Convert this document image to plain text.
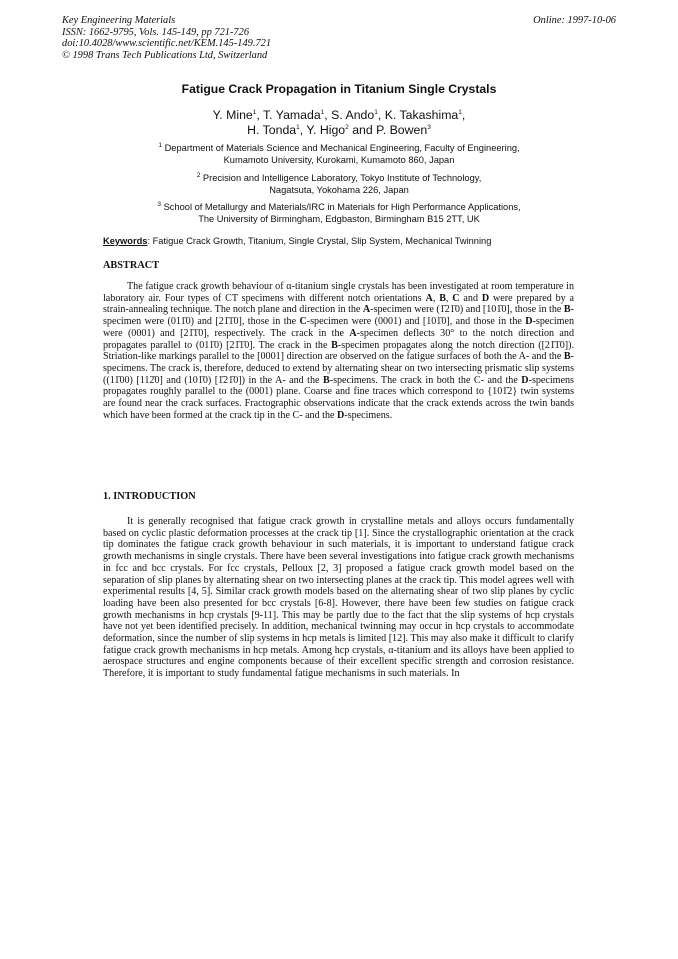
Key Engineering Materials
ISSN: 1662-9795, Vols. 145-149, pp 721-726
doi:10.4028/www.scientific.net/KEM.145-149.721
© 1998 Trans Tech Publications Ltd, Switzerland
Online: 1997-10-06
Fatigue Crack Propagation in Titanium Single Crystals
Y. Mine$^1$, T. Yamada$^1$, S. Ando$^1$, K. Takashima$^1$,
H. Tonda$^1$, Y. Higo$^2$ and P. Bowen$^3$
$^1$ Department of Materials Science and Mechanical Engineering, Faculty of Engineering,
Kumamoto University, Kurokami, Kumamoto 860, Japan
$^2$ Precision and Intelligence Laboratory, Tokyo Institute of Technology,
Nagatsuta, Yokohama 226, Japan
$^3$ School of Metallurgy and Materials/IRC in Materials for High Performance Applications,
The University of Birmingham, Edgbaston, Birmingham B15 2TT, UK
Keywords: Fatigue Crack Growth, Titanium, Single Crystal, Slip System, Mechanical Twinning
ABSTRACT

The fatigue crack growth behaviour of α-titanium single crystals has been investigated at room temperature in laboratory air. Four types of CT specimens with different notch orientations A, B, C and D were prepared by a strain-annealing technique. The notch plane and direction in the A-specimen were (1̄21̄0) and [101̄0], those in the B-specimen were (011̄0) and [21̄1̄0], those in the C-specimen were (0001) and [101̄0], and those in the D-specimen were (0001) and [21̄1̄0], respectively. The crack in the A-specimen deflects 30° to the notch direction and propagates parallel to (011̄0) [21̄1̄0]. The crack in the B-specimen propagates along the notch direction ([21̄1̄0]). Striation-like markings parallel to the [0001] direction are observed on the fatigue surfaces of both the A- and the B-specimens. The crack is, therefore, deduced to extend by alternating shear on two intersecting prismatic slip systems ((11̄00) [112̄0] and (101̄0) [1̄21̄0]) in the A- and the B-specimens. The crack in both the C- and the D-specimens propagates roughly parallel to the (0001) plane. Coarse and fine traces which correspond to {101̄2} twin systems are found near the crack surfaces. Fractographic observations indicate that the crack extends across the twin bands which have been formed at the crack tip in the C- and the D-specimens.

1. INTRODUCTION

It is generally recognised that fatigue crack growth in crystalline metals and alloys occurs fundamentally based on cyclic plastic deformation processes at the crack tip [1]. Since the crystallographic orientation at the crack tip dominates the fatigue crack growth behaviour in such materials, it is important to understand fatigue crack growth mechanisms in single crystals. There have been several investigations into fatigue crack growth mechanisms in fcc and bcc crystals. For fcc crystals, Pelloux [2, 3] proposed a fatigue crack growth model based on the separation of slip planes by alternating shear on two intersecting planes at the crack tip. This model agrees well with experimental results [4, 5]. Similar crack growth models based on the alternating shear of two slip planes by cyclic loading have been also presented for bcc crystals [6-8]. However, there have been few studies on fatigue crack growth mechanisms in hcp crystals [9-11]. This may be partly due to the fact that the slip systems of hcp crystals have not yet been identified precisely. In addition, mechanical twinning may occur in hcp crystals to accommodate deformation, since the number of slip systems in hcp metals is limited [12]. This may also make it difficult to clarify fatigue crack growth mechanisms in hcp metals. Among hcp crystals, α-titanium and its alloys have been applied to aerospace structures and engine components because of their excellent specific strength and corrosion resistance. Therefore, it is important to study fundamental fatigue mechanisms in such materials. In
